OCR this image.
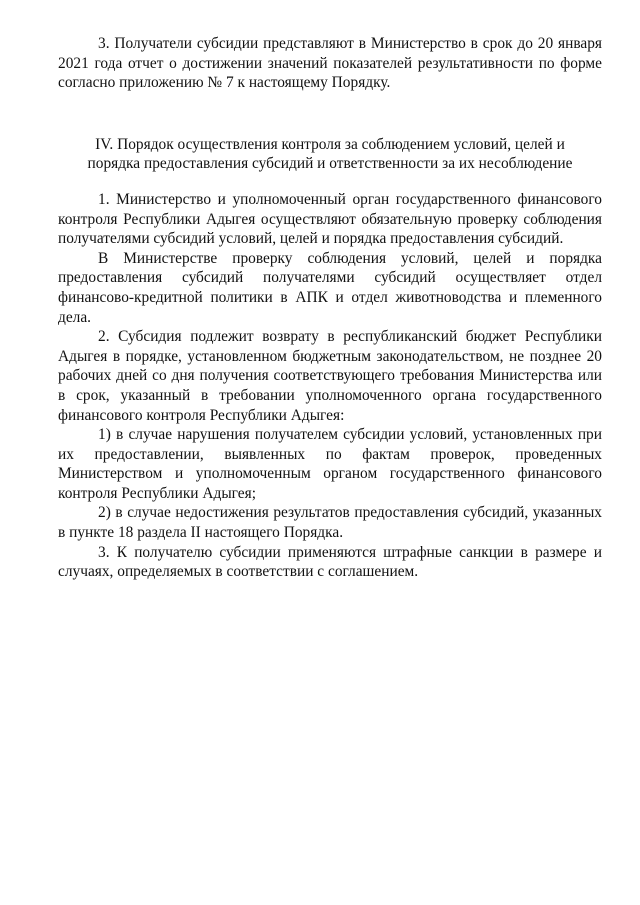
3. Получатели субсидии представляют в Министерство в срок до 20 января 2021 года отчет о достижении значений показателей результативности по форме согласно приложению № 7 к настоящему Порядку.

IV. Порядок осуществления контроля за соблюдением условий, целей и
порядка предоставления субсидий и ответственности за их несоблюдение

1. Министерство и уполномоченный орган государственного финансового контроля Республики Адыгея осуществляют обязательную проверку соблюдения получателями субсидий условий, целей и порядка предоставления субсидий.

В Министерстве проверку соблюдения условий, целей и порядка предоставления субсидий получателями субсидий осуществляет отдел финансово-кредитной политики в АПК и отдел животноводства и племенного дела.

2. Субсидия подлежит возврату в республиканский бюджет Республики Адыгея в порядке, установленном бюджетным законодательством, не позднее 20 рабочих дней со дня получения соответствующего требования Министерства или в срок, указанный в требовании уполномоченного органа государственного финансового контроля Республики Адыгея:

1) в случае нарушения получателем субсидии условий, установленных при их предоставлении, выявленных по фактам проверок, проведенных Министерством и уполномоченным органом государственного финансового контроля Республики Адыгея;

2) в случае недостижения результатов предоставления субсидий, указанных в пункте 18 раздела II настоящего Порядка.

3. К получателю субсидии применяются штрафные санкции в размере и случаях, определяемых в соответствии с соглашением.
